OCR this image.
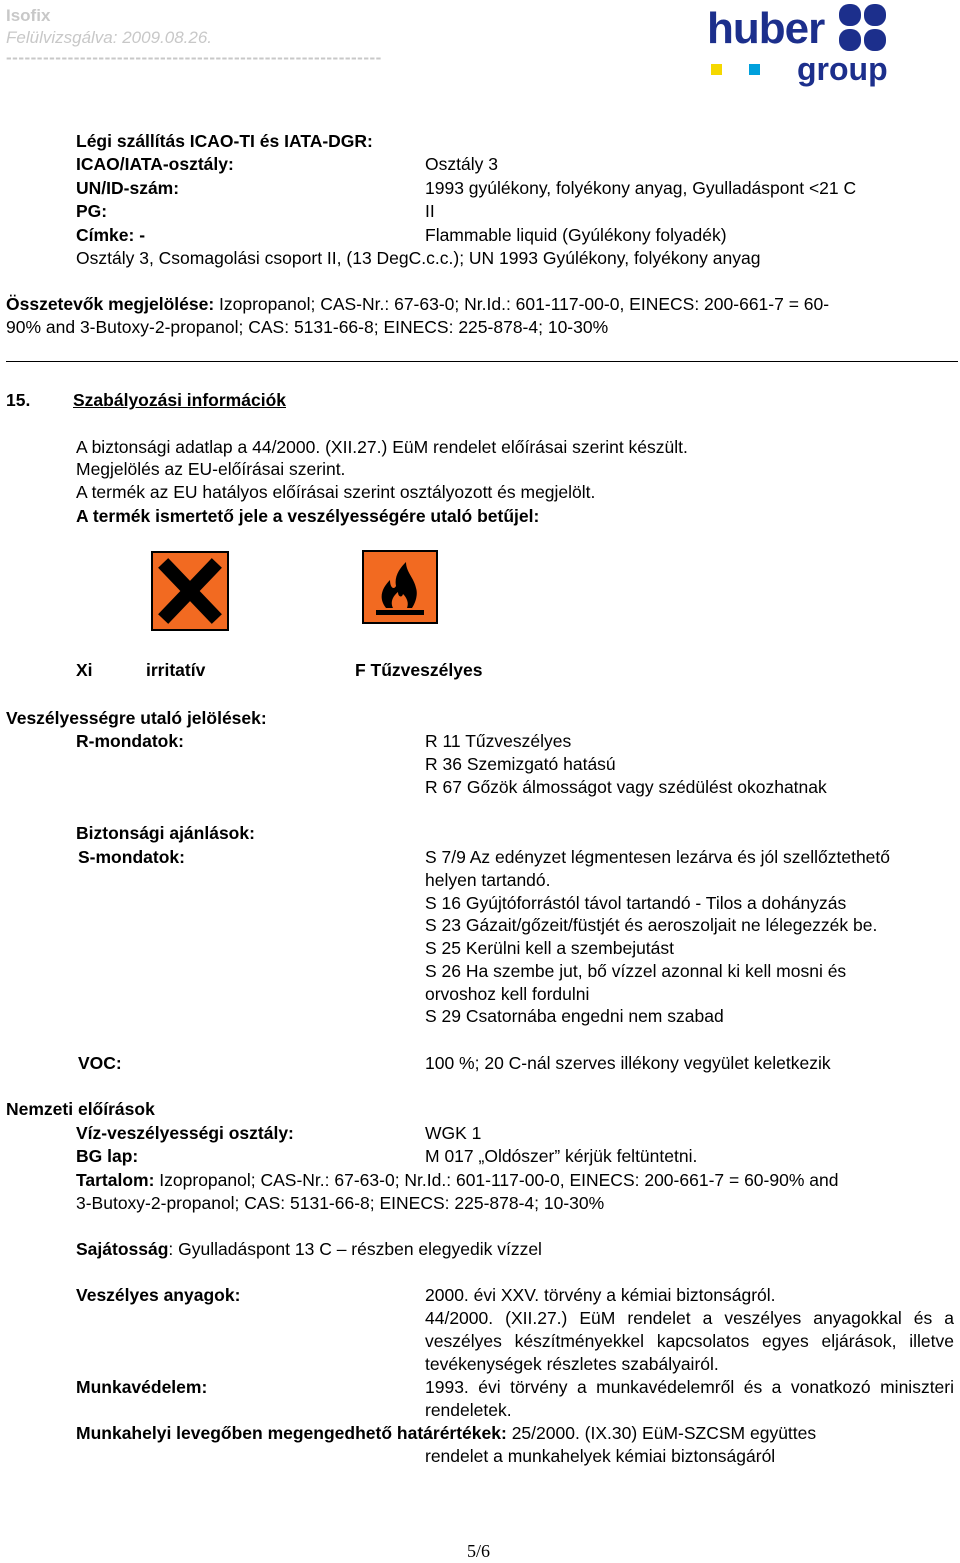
Isofix
Felülvizsgálva: 2009.08.26.
-------------------------------------------------------------
huber
group
Légi szállítás ICAO-TI és IATA-DGR:
ICAO/IATA-osztály:	Osztály 3
UN/ID-szám:	1993 gyúlékony, folyékony anyag, Gyulladáspont <21 C
PG:	II
Címke: -	Flammable liquid (Gyúlékony folyadék)
Osztály 3, Csomagolási csoport II, (13 DegC.c.c.); UN 1993 Gyúlékony, folyékony anyag
Összetevők megjelölése: Izopropanol; CAS-Nr.: 67-63-0; Nr.Id.: 601-117-00-0, EINECS: 200-661-7 = 60-
90% and 3-Butoxy-2-propanol; CAS: 5131-66-8; EINECS: 225-878-4; 10-30%
15. Szabályozási információk
A biztonsági adatlap a 44/2000. (XII.27.) EüM rendelet előírásai szerint készült.
Megjelölés az EU-előírásai szerint.
A termék az EU hatályos előírásai szerint osztályozott és megjelölt.
A termék ismertető jele a veszélyességére utaló betűjel:
Xi	irritatív	F Tűzveszélyes
Veszélyességre utaló jelölések:
R-mondatok:	R 11 Tűzveszélyes
R 36 Szemizgató hatású
R 67 Gőzök álmosságot vagy szédülést okozhatnak
Biztonsági ajánlások:
S-mondatok:	S 7/9 Az edényzet légmentesen lezárva és jól szellőztethető
helyen tartandó.
S 16 Gyújtóforrástól távol tartandó - Tilos a dohányzás
S 23 Gázait/gőzeit/füstjét és aeroszoljait ne lélegezzék be.
S 25 Kerülni kell a szembejutást
S 26 Ha szembe jut, bő vízzel azonnal ki kell mosni és
orvoshoz kell fordulni
S 29 Csatornába engedni nem szabad
VOC:	100 %; 20 C-nál szerves illékony vegyület keletkezik
Nemzeti előírások
Víz-veszélyességi osztály:	WGK 1
BG lap:	M 017 „Oldószer” kérjük feltüntetni.
Tartalom: Izopropanol; CAS-Nr.: 67-63-0; Nr.Id.: 601-117-00-0, EINECS: 200-661-7 = 60-90% and
3-Butoxy-2-propanol; CAS: 5131-66-8; EINECS: 225-878-4; 10-30%
Sajátosság: Gyulladáspont 13 C – részben elegyedik vízzel
Veszélyes anyagok:	2000. évi XXV. törvény a kémiai biztonságról.
44/2000. (XII.27.) EüM rendelet a veszélyes anyagokkal és a veszélyes készítményekkel kapcsolatos egyes eljárások, illetve tevékenységek részletes szabályairól.
Munkavédelem:	1993. évi törvény a munkavédelemről és a vonatkozó miniszteri rendeletek.
Munkahelyi levegőben megengedhető határértékek: 25/2000. (IX.30) EüM-SZCSM együttes
rendelet a munkahelyek kémiai biztonságáról
5/6
